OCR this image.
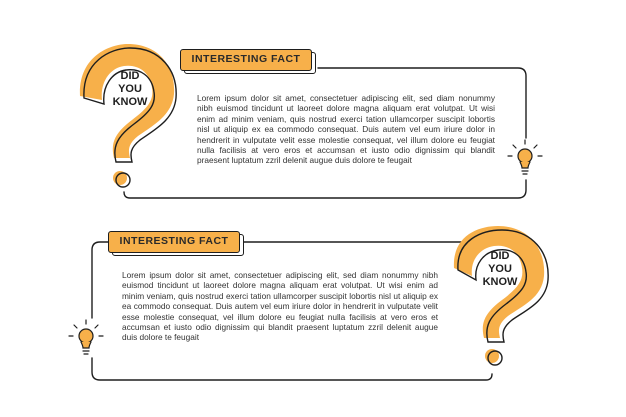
INTERESTING FACT
DID
YOU
KNOW	Lorem ipsum dolor sit amet, consectetuer adipiscing elit, sed diam nonummy nibh euismod tincidunt ut laoreet dolore magna aliquam erat volutpat. Ut wisi enim ad minim veniam, quis nostrud exerci tation ullamcorper suscipit lobortis nisl ut aliquip ex ea commodo consequat. Duis autem vel eum iriure dolor in hendrerit in vulputate velit esse molestie consequat, vel illum dolore eu feugiat nulla facilisis at vero eros et accumsan et iusto odio dignissim qui blandit praesent luptatum zzril delenit augue duis dolore te feugait

INTERESTING FACT
DID
YOU
KNOW

Lorem ipsum dolor sit amet, consectetuer adipiscing elit, sed diam nonummy nibh euismod tincidunt ut laoreet dolore magna aliquam erat volutpat. Ut wisi enim ad minim veniam, quis nostrud exerci tation ullamcorper suscipit lobortis nisl ut aliquip ex ea commodo consequat. Duis autem vel eum iriure dolor in hendrerit in vulputate velit esse molestie consequat, vel illum dolore eu feugiat nulla facilisis at vero eros et accumsan et iusto odio dignissim qui blandit praesent luptatum zzril delenit augue duis dolore te feugait
